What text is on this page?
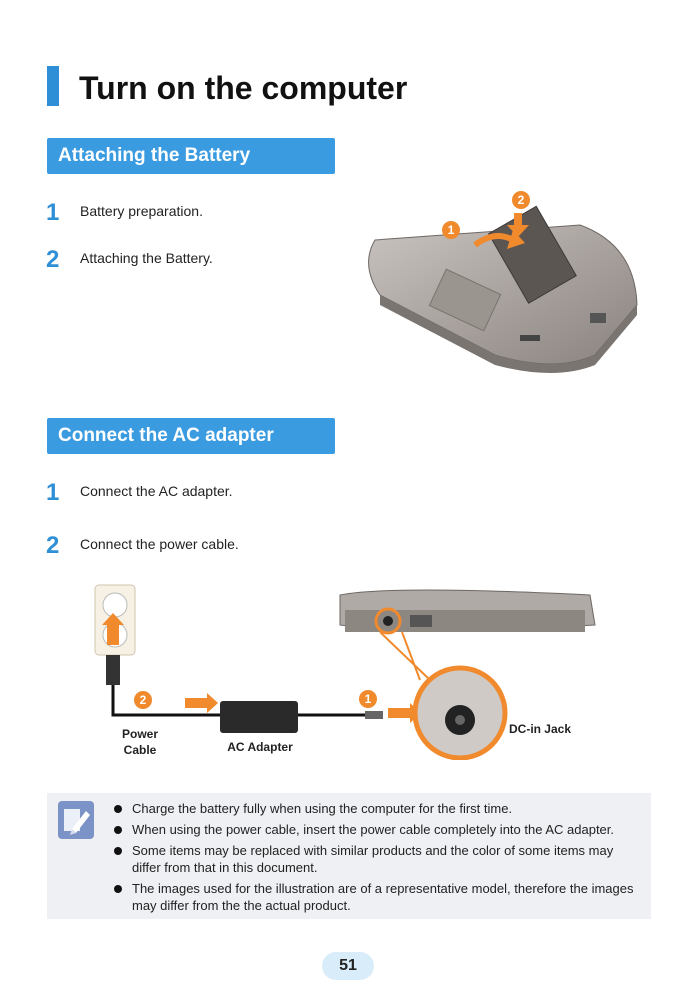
Turn on the computer
Attaching the Battery
1 Battery preparation.
2 Attaching the Battery.
1
2
Connect the AC adapter
1 Connect the AC adapter.
2 Connect the power cable.
2	1
Power
Cable	AC Adapter
DC-in Jack
Charge the battery fully when using the computer for the first time.
When using the power cable, insert the power cable completely into the AC adapter.
Some items may be replaced with similar products and the color of some items may differ from that in this document.
The images used for the illustration are of a representative model, therefore the images may differ from the the actual product.
51
